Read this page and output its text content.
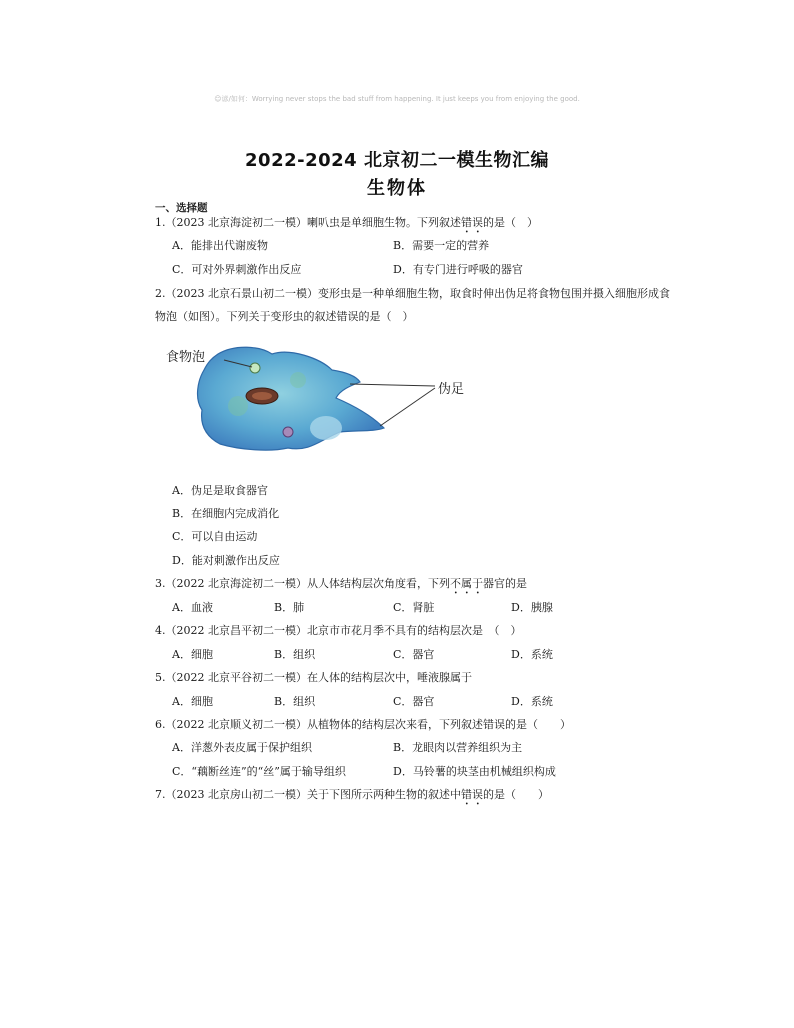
☺谚/如何：Worrying never stops the bad stuff from happening. It just keeps you from enjoying the good.
2022-2024 北京初二一模生物汇编
生物体
一、选择题
1.（2023 北京海淀初二一模）喇叭虫是单细胞生物。下列叙述错误的是（　）
A．能排出代谢废物	B．需要一定的营养
C．可对外界刺激作出反应	D．有专门进行呼吸的器官
2.（2023 北京石景山初二一模）变形虫是一种单细胞生物，取食时伸出伪足将食物包围并摄入细胞形成食
物泡（如图）。下列关于变形虫的叙述错误的是（　）
食物泡
伪足
A．伪足是取食器官
B．在细胞内完成消化
C．可以自由运动
D．能对刺激作出反应
3.（2022 北京海淀初二一模）从人体结构层次角度看，下列不属于器官的是
A．血液	B．肺	C．肾脏	D．胰腺
4.（2022 北京昌平初二一模）北京市市花月季不具有的结构层次是　（　）
A．细胞	B．组织	C．器官	D．系统
5.（2022 北京平谷初二一模）在人体的结构层次中，唾液腺属于
A．细胞	B．组织	C．器官	D．系统
6.（2022 北京顺义初二一模）从植物体的结构层次来看，下列叙述错误的是（　　）
A．洋葱外表皮属于保护组织	B．龙眼肉以营养组织为主
C．“藕断丝连”的“丝”属于输导组织	D．马铃薯的块茎由机械组织构成
7.（2023 北京房山初二一模）关于下图所示两种生物的叙述中错误的是（　　）
